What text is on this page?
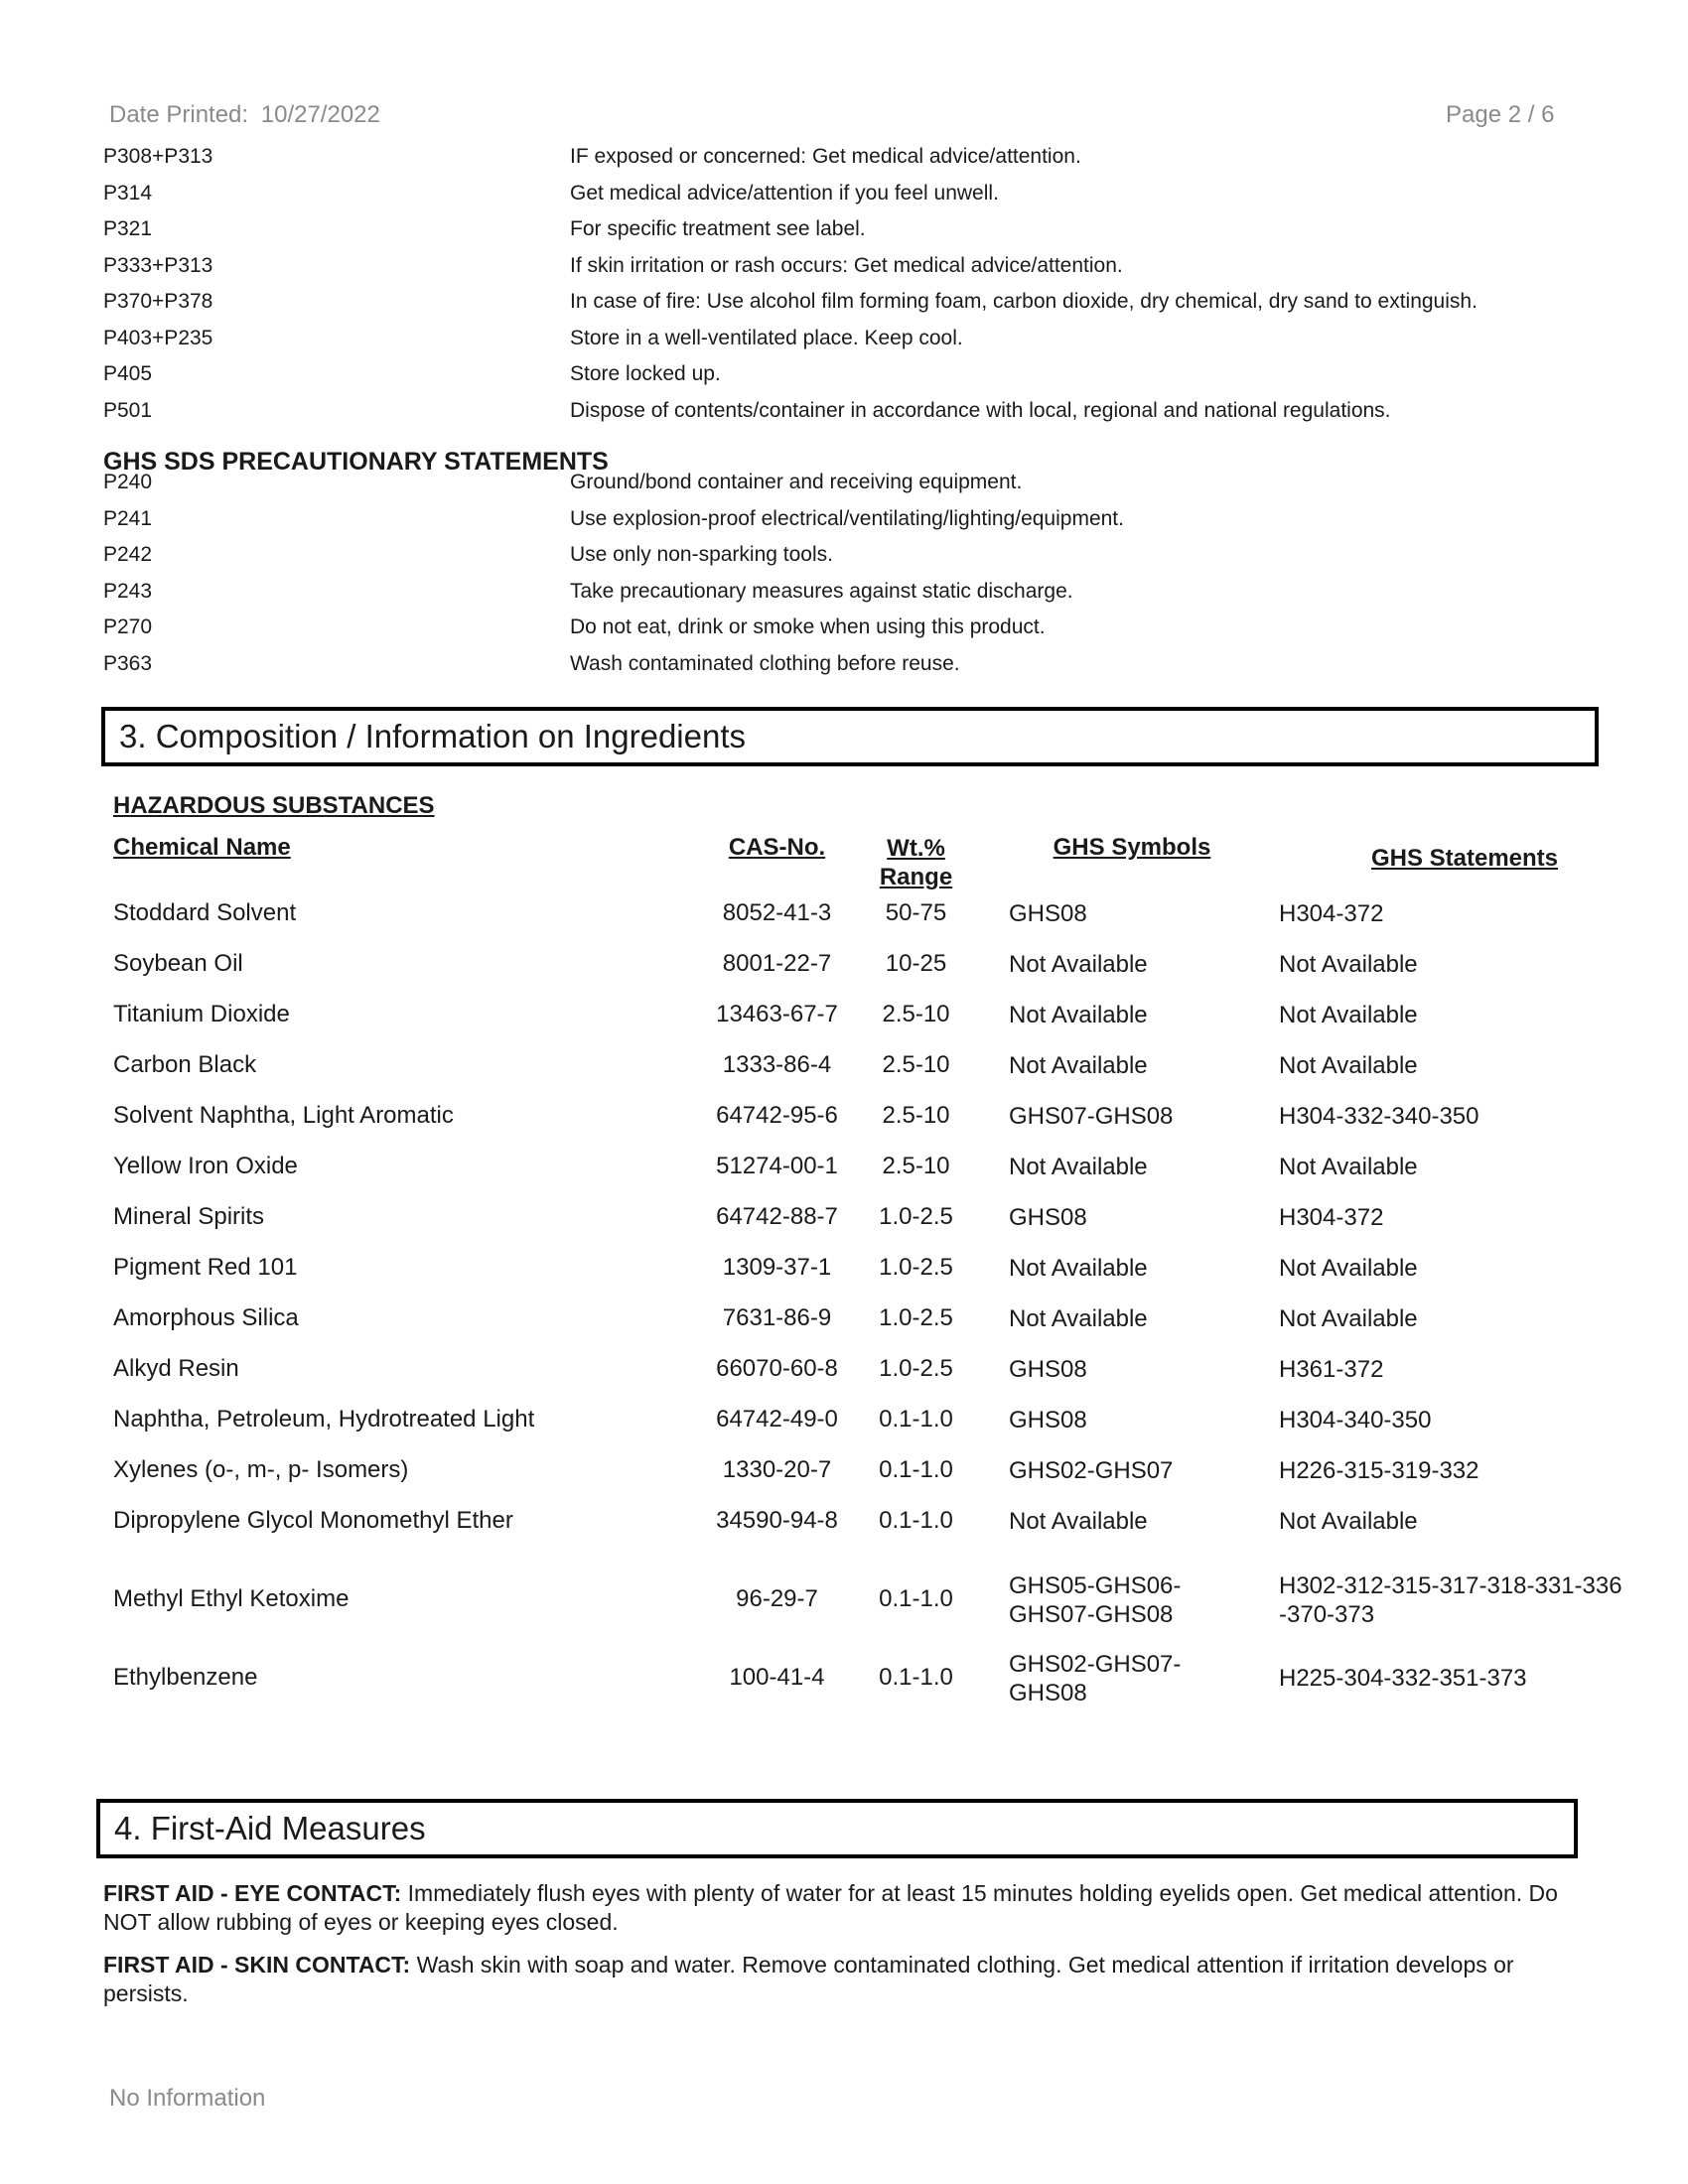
Date Printed: 10/27/2022	Page 2 / 6
P308+P313	IF exposed or concerned: Get medical advice/attention.
P314	Get medical advice/attention if you feel unwell.
P321	For specific treatment see label.
P333+P313	If skin irritation or rash occurs: Get medical advice/attention.
P370+P378	In case of fire: Use alcohol film forming foam, carbon dioxide, dry chemical, dry sand to extinguish.
P403+P235	Store in a well-ventilated place. Keep cool.
P405	Store locked up.
P501	Dispose of contents/container in accordance with local, regional and national regulations.
GHS SDS PRECAUTIONARY STATEMENTS
P240	Ground/bond container and receiving equipment.
P241	Use explosion-proof electrical/ventilating/lighting/equipment.
P242	Use only non-sparking tools.
P243	Take precautionary measures against static discharge.
P270	Do not eat, drink or smoke when using this product.
P363	Wash contaminated clothing before reuse.
3. Composition / Information on Ingredients
HAZARDOUS SUBSTANCES
Chemical Name	CAS-No.	Wt.%
Range
GHS Symbols	GHS Statements
Stoddard Solvent	8052-41-3	50-75	GHS08	H304-372
Soybean Oil	8001-22-7	10-25	Not Available	Not Available
Titanium Dioxide	13463-67-7	2.5-10	Not Available	Not Available
Carbon Black	1333-86-4	2.5-10	Not Available	Not Available
Solvent Naphtha, Light Aromatic	64742-95-6	2.5-10	GHS07-GHS08	H304-332-340-350
Yellow Iron Oxide	51274-00-1	2.5-10	Not Available	Not Available
Mineral Spirits	64742-88-7	1.0-2.5	GHS08	H304-372
Pigment Red 101	1309-37-1	1.0-2.5	Not Available	Not Available
Amorphous Silica	7631-86-9	1.0-2.5	Not Available	Not Available
Alkyd Resin	66070-60-8	1.0-2.5	GHS08	H361-372
Naphtha, Petroleum, Hydrotreated Light	64742-49-0	0.1-1.0	GHS08	H304-340-350
Xylenes (o-, m-, p- Isomers)	1330-20-7	0.1-1.0	GHS02-GHS07	H226-315-319-332
Dipropylene Glycol Monomethyl Ether	34590-94-8	0.1-1.0	Not Available	Not Available
Methyl Ethyl Ketoxime	96-29-7	0.1-1.0	GHS05-GHS06-
GHS07-GHS08
H302-312-315-317-318-331-336
-370-373
Ethylbenzene	100-41-4	0.1-1.0	GHS02-GHS07-
GHS08
H225-304-332-351-373
4. First-Aid Measures
FIRST AID - EYE CONTACT: Immediately flush eyes with plenty of water for at least 15 minutes holding eyelids open. Get medical attention. Do NOT allow rubbing of eyes or keeping eyes closed.
FIRST AID - SKIN CONTACT: Wash skin with soap and water. Remove contaminated clothing. Get medical attention if irritation develops or persists.
No Information
